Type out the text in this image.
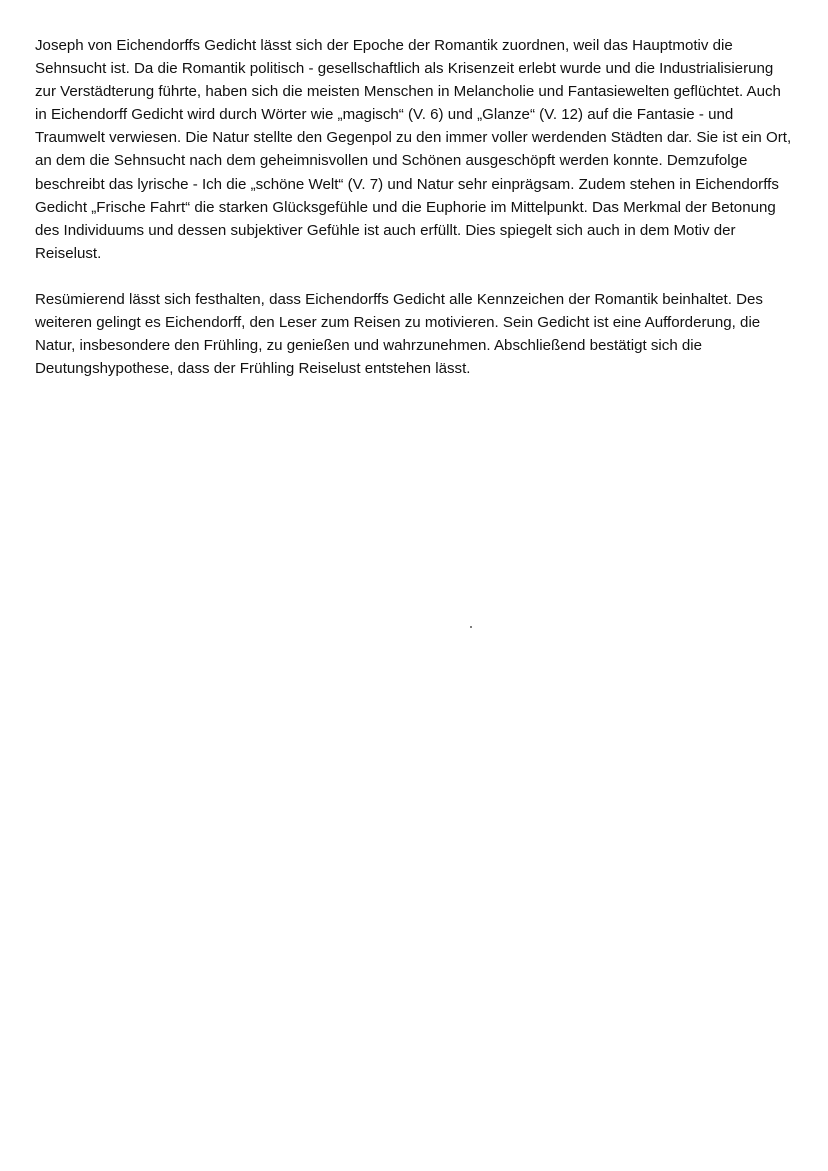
Joseph von Eichendorffs Gedicht lässt sich der Epoche der Romantik zuordnen, weil das Hauptmotiv die Sehnsucht ist. Da die Romantik politisch - gesellschaftlich als Krisenzeit erlebt wurde und die Industrialisierung zur Verstädterung führte, haben sich die meisten Menschen in Melancholie und Fantasiewelten geflüchtet. Auch in Eichendorff Gedicht wird durch Wörter wie „magisch“ (V. 6) und „Glanze“ (V. 12) auf die Fantasie - und Traumwelt verwiesen. Die Natur stellte den Gegenpol zu den immer voller werdenden Städten dar. Sie ist ein Ort, an dem die Sehnsucht nach dem geheimnisvollen und Schönen ausgeschöpft werden konnte. Demzufolge beschreibt das lyrische - Ich die „schöne Welt“ (V. 7) und Natur sehr einprägsam. Zudem stehen in Eichendorffs Gedicht „Frische Fahrt“ die starken Glücksgefühle und die Euphorie im Mittelpunkt. Das Merkmal der Betonung des Individuums und dessen subjektiver Gefühle ist auch erfüllt. Dies spiegelt sich auch in dem Motiv der Reiselust.

Resümierend lässt sich festhalten, dass Eichendorffs Gedicht alle Kennzeichen der Romantik beinhaltet. Des weiteren gelingt es Eichendorff, den Leser zum Reisen zu motivieren. Sein Gedicht ist eine Aufforderung, die Natur, insbesondere den Frühling, zu genießen und wahrzunehmen. Abschließend bestätigt sich die Deutungshypothese, dass der Frühling Reiselust entstehen lässt.
